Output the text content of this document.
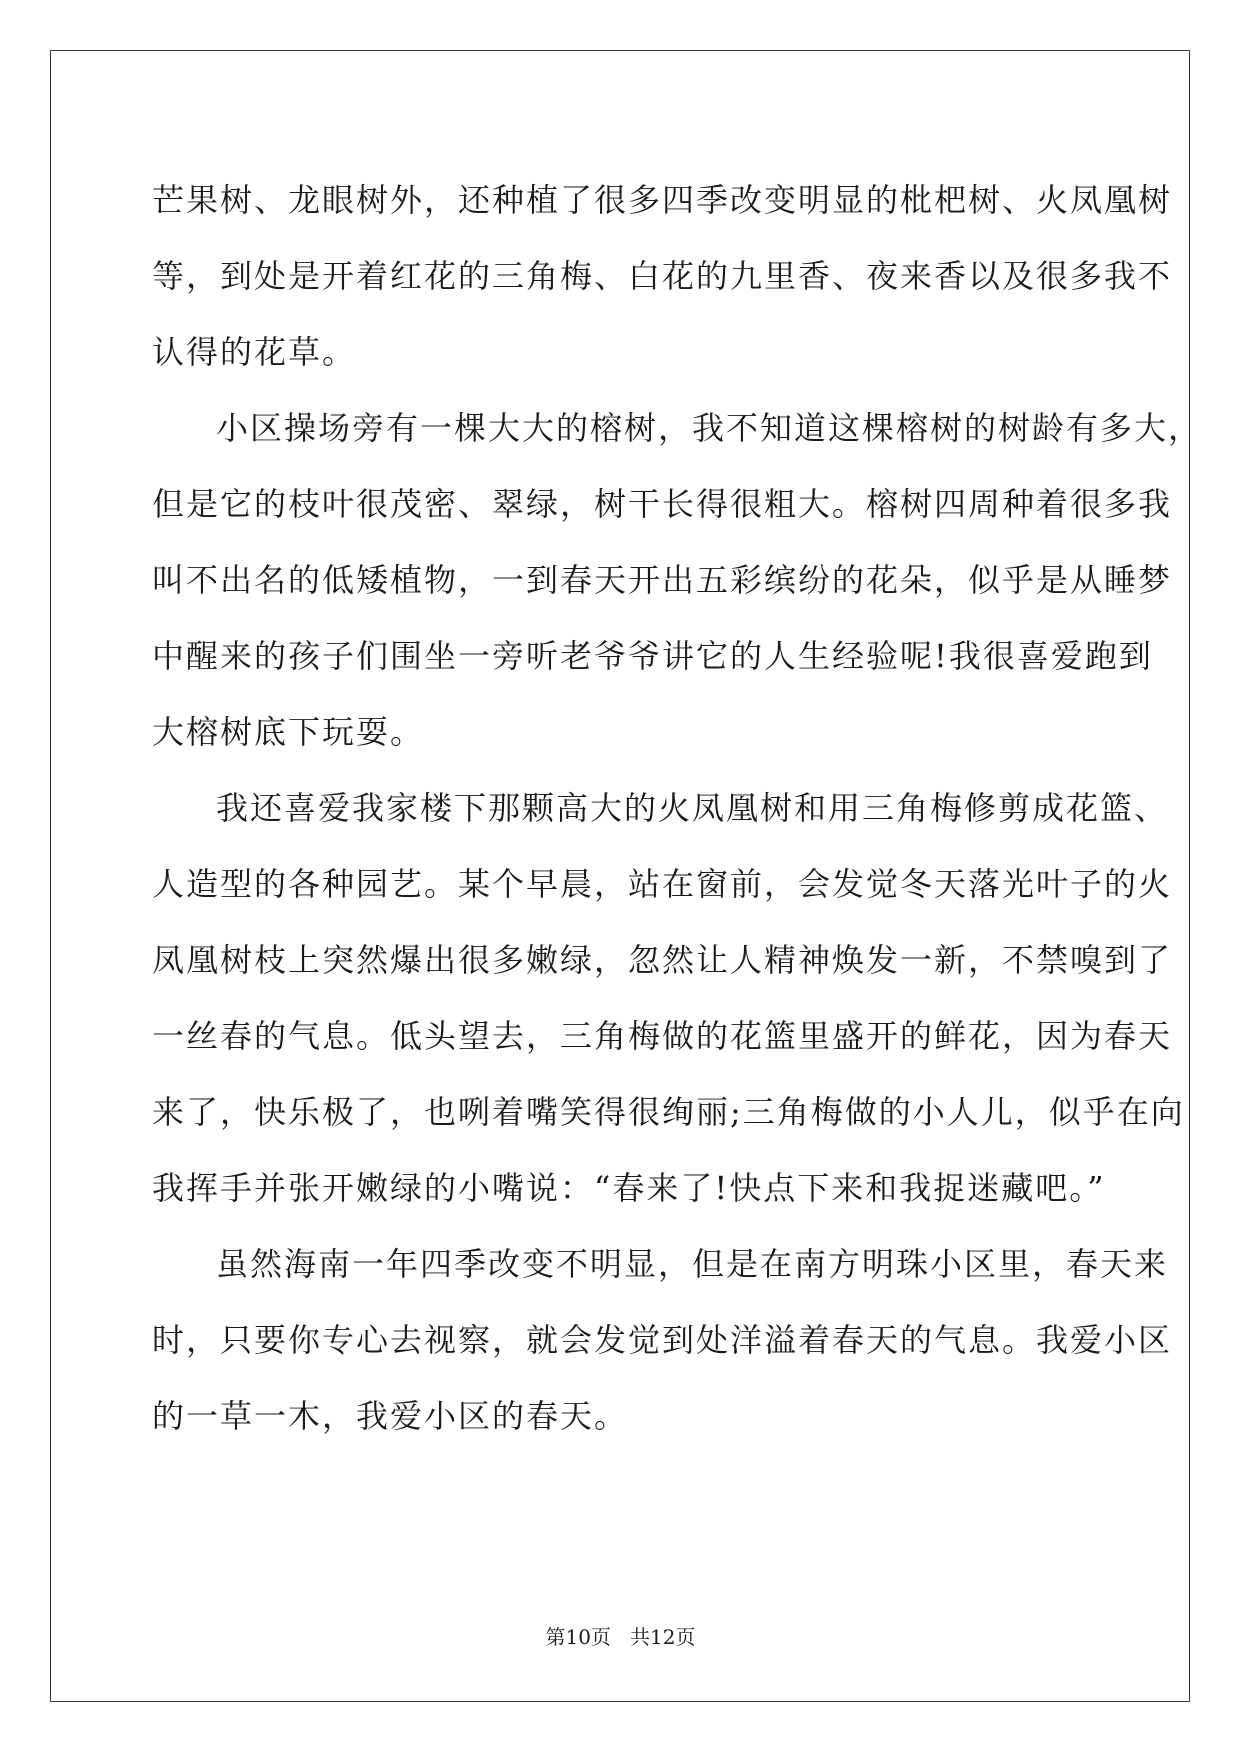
芒果树、龙眼树外，还种植了很多四季改变明显的枇杷树、火凤凰树
等，到处是开着红花的三角梅、白花的九里香、夜来香以及很多我不
认得的花草。
小区操场旁有一棵大大的榕树，我不知道这棵榕树的树龄有多大，
但是它的枝叶很茂密、翠绿，树干长得很粗大。榕树四周种着很多我
叫不出名的低矮植物，一到春天开出五彩缤纷的花朵，似乎是从睡梦
中醒来的孩子们围坐一旁听老爷爷讲它的人生经验呢!我很喜爱跑到
大榕树底下玩耍。
我还喜爱我家楼下那颗高大的火凤凰树和用三角梅修剪成花篮、
人造型的各种园艺。某个早晨，站在窗前，会发觉冬天落光叶子的火
凤凰树枝上突然爆出很多嫩绿，忽然让人精神焕发一新，不禁嗅到了
一丝春的气息。低头望去，三角梅做的花篮里盛开的鲜花，因为春天
来了，快乐极了，也咧着嘴笑得很绚丽;三角梅做的小人儿，似乎在向
我挥手并张开嫩绿的小嘴说：“春来了!快点下来和我捉迷藏吧。”
虽然海南一年四季改变不明显，但是在南方明珠小区里，春天来
时，只要你专心去视察，就会发觉到处洋溢着春天的气息。我爱小区
的一草一木，我爱小区的春天。
第10页   共12页
